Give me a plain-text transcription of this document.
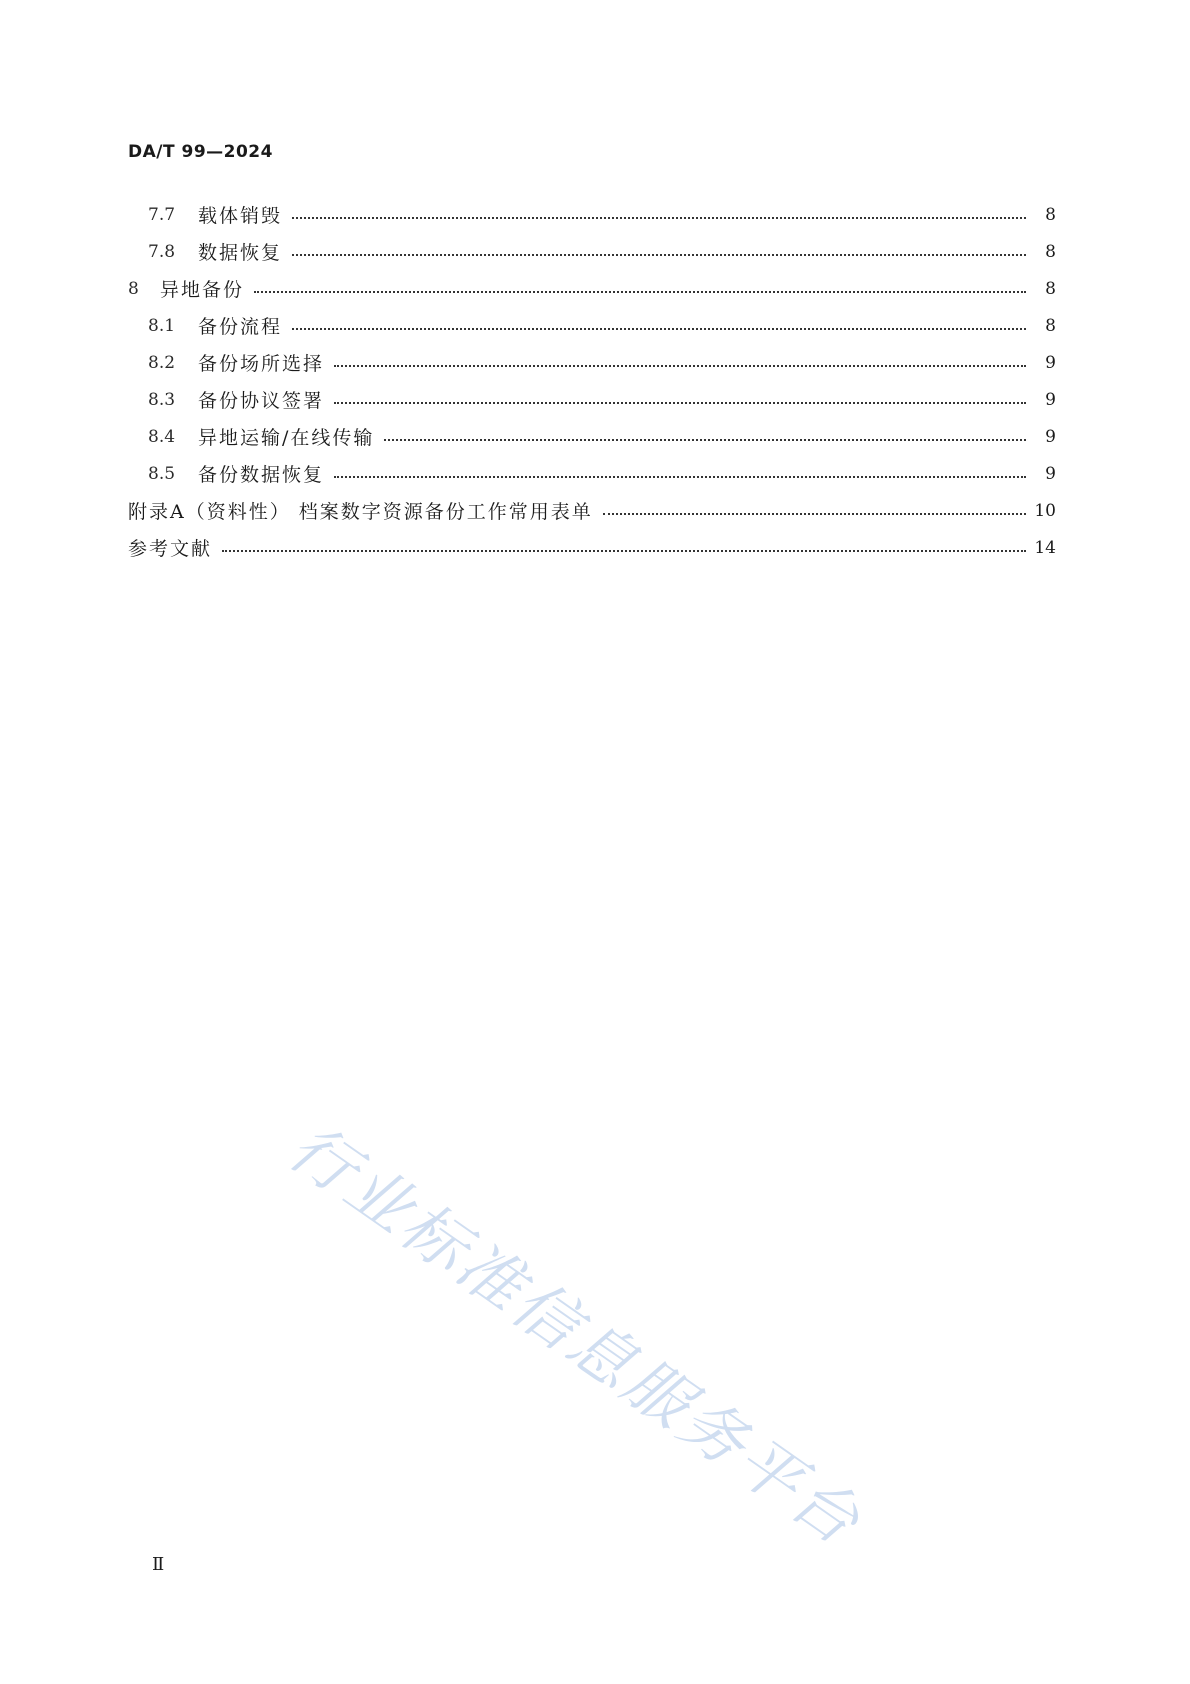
DA/T 99—2024
7.7	载体销毁	8
7.8	数据恢复	8
8	异地备份	8
8.1	备份流程	8
8.2	备份场所选择	9
8.3	备份协议签署	9
8.4	异地运输/在线传输	9
8.5	备份数据恢复	9
附录A（资料性） 档案数字资源备份工作常用表单	10
参考文献	14
行业标准信息服务平台
Ⅱ
